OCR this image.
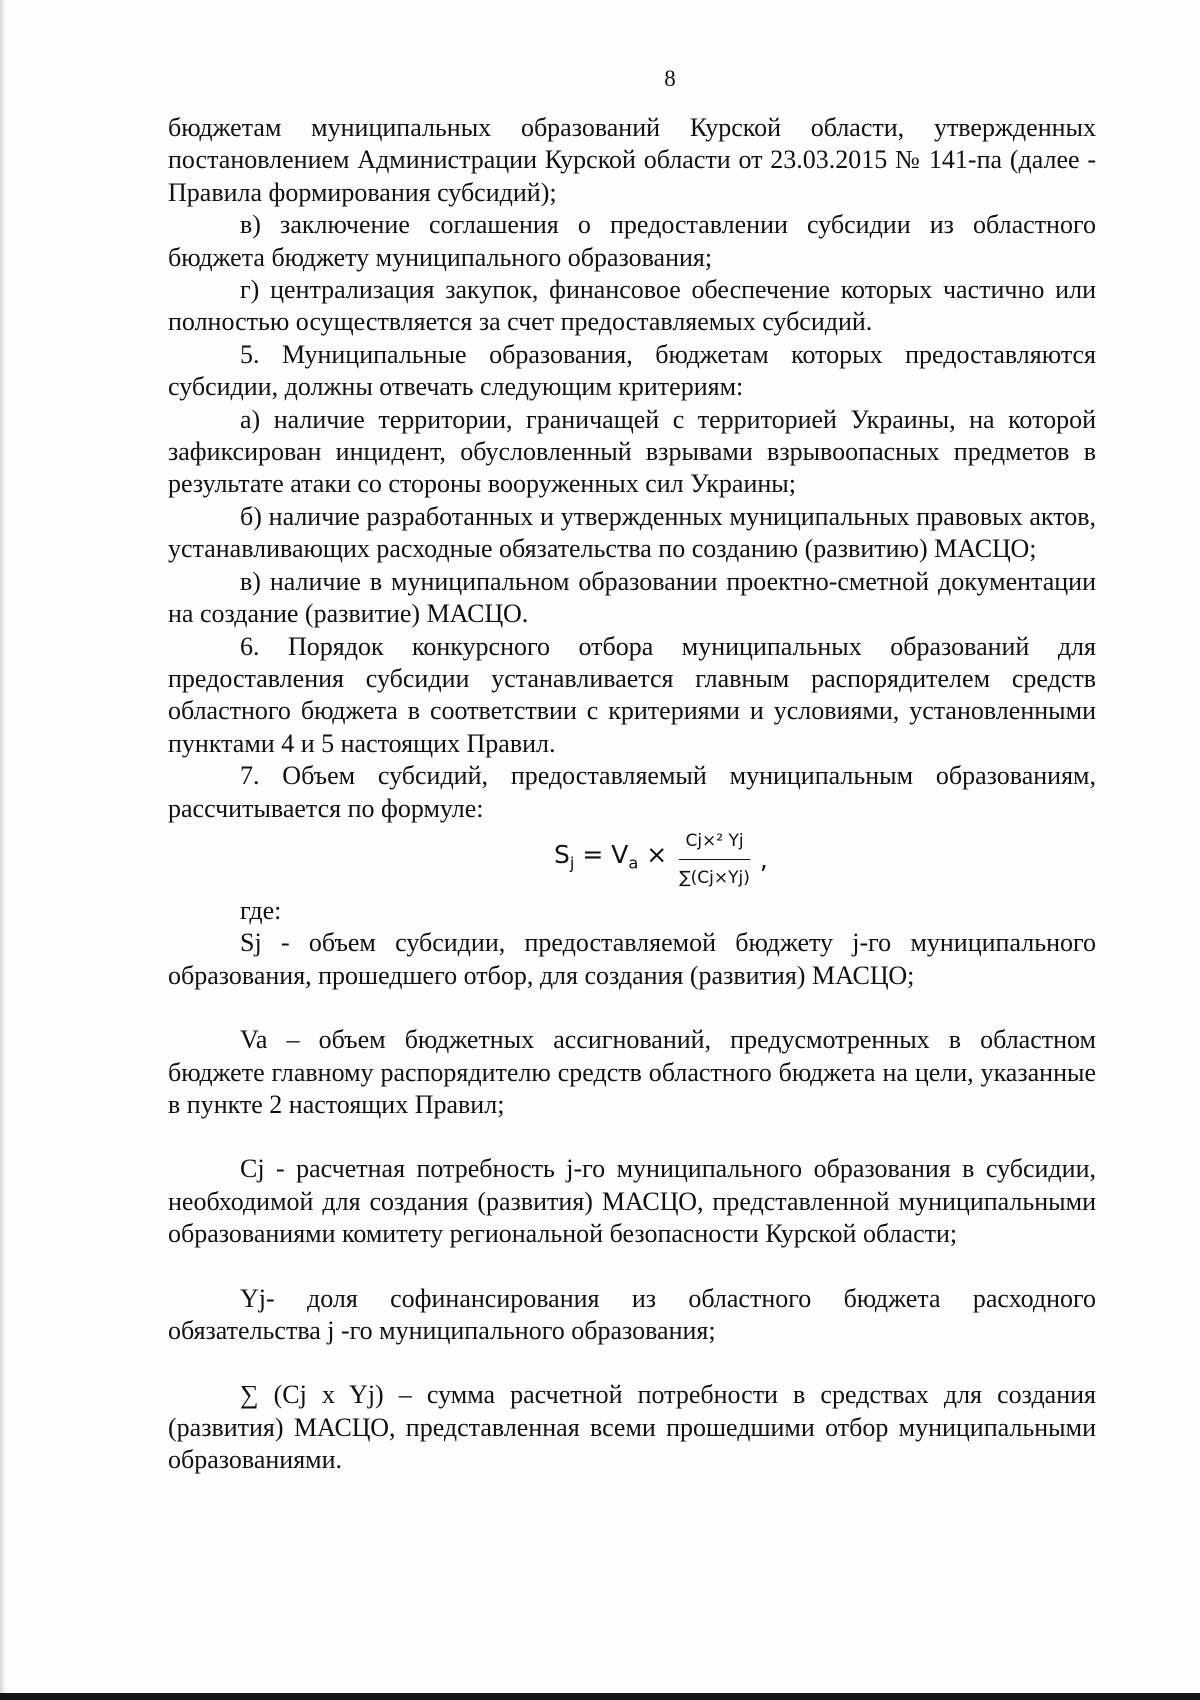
8

бюджетам муниципальных образований Курской области, утвержденных постановлением Администрации Курской области от 23.03.2015 № 141-па (далее - Правила формирования субсидий);

в) заключение соглашения о предоставлении субсидии из областного бюджета бюджету муниципального образования;

г) централизация закупок, финансовое обеспечение которых частично или полностью осуществляется за счет предоставляемых субсидий.

5. Муниципальные образования, бюджетам которых предоставляются субсидии, должны отвечать следующим критериям:

а) наличие территории, граничащей с территорией Украины, на которой зафиксирован инцидент, обусловленный взрывами взрывоопасных предметов в результате атаки со стороны вооруженных сил Украины;

б) наличие разработанных и утвержденных муниципальных правовых актов, устанавливающих расходные обязательства по созданию (развитию) МАСЦО;

в) наличие в муниципальном образовании проектно-сметной документации на создание (развитие) МАСЦО.

6. Порядок конкурсного отбора муниципальных образований для предоставления субсидии устанавливается главным распорядителем средств областного бюджета в соответствии с критериями и условиями, установленными пунктами 4 и 5 настоящих Правил.

7. Объем субсидий, предоставляемый муниципальным образованиям, рассчитывается по формуле:

$S_j = V_a \times \frac{\text{Cj×² Yj}}{\sum(Cj\times Yj)}$ ,

где:

Sj - объем субсидии, предоставляемой бюджету j-го муниципального образования, прошедшего отбор, для создания (развития) МАСЦО;

Va – объем бюджетных ассигнований, предусмотренных в областном бюджете главному распорядителю средств областного бюджета на цели, указанные в пункте 2 настоящих Правил;

Cj - расчетная потребность j-го муниципального образования в субсидии, необходимой для создания (развития) МАСЦО, представленной муниципальными образованиями комитету региональной безопасности Курской области;

Yj- доля софинансирования из областного бюджета расходного обязательства j -го муниципального образования;

∑ (Cj x Yj) – сумма расчетной потребности в средствах для создания (развития) МАСЦО, представленная всеми прошедшими отбор муниципальными образованиями.
